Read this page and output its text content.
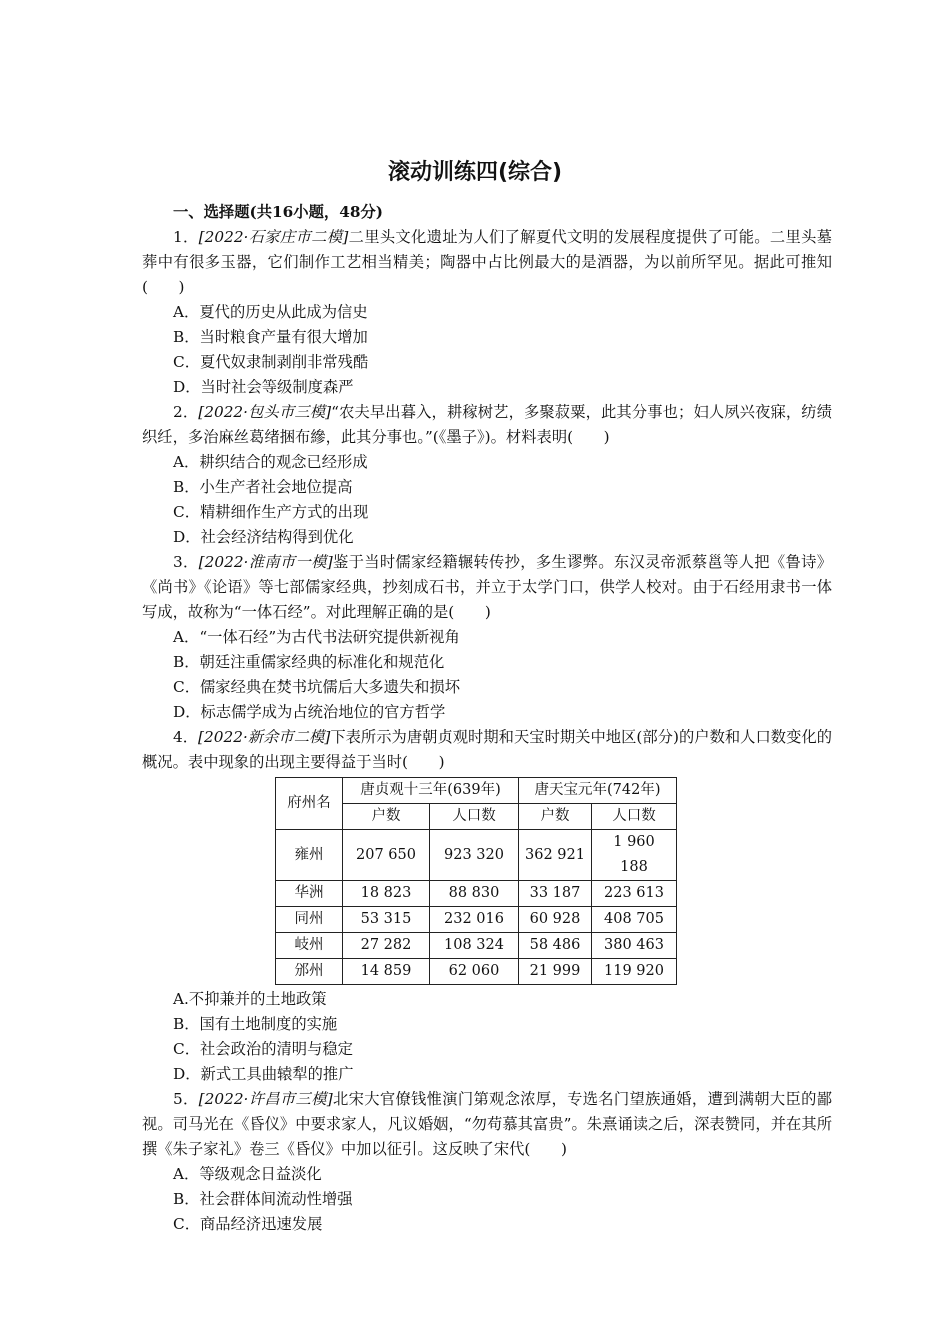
滚动训练四(综合)
一、选择题(共16小题，48分)
1．[2022·石家庄市二模]二里头文化遗址为人们了解夏代文明的发展程度提供了可能。二里头墓葬中有很多玉器，它们制作工艺相当精美；陶器中占比例最大的是酒器，为以前所罕见。据此可推知(　　)
A．夏代的历史从此成为信史
B．当时粮食产量有很大增加
C．夏代奴隶制剥削非常残酷
D．当时社会等级制度森严
2．[2022·包头市三模]“农夫早出暮入，耕稼树艺，多聚菽粟，此其分事也；妇人夙兴夜寐，纺绩织纴，多治麻丝葛绪捆布縿，此其分事也。”(《墨子》)。材料表明(　　)
A．耕织结合的观念已经形成
B．小生产者社会地位提高
C．精耕细作生产方式的出现
D．社会经济结构得到优化
3．[2022·淮南市一模]鉴于当时儒家经籍辗转传抄，多生谬弊。东汉灵帝派蔡邕等人把《鲁诗》《尚书》《论语》等七部儒家经典，抄刻成石书，并立于太学门口，供学人校对。由于石经用隶书一体写成，故称为“一体石经”。对此理解正确的是(　　)
A．“一体石经”为古代书法研究提供新视角
B．朝廷注重儒家经典的标准化和规范化
C．儒家经典在焚书坑儒后大多遗失和损坏
D．标志儒学成为占统治地位的官方哲学
4．[2022·新余市二模]下表所示为唐朝贞观时期和天宝时期关中地区(部分)的户数和人口数变化的概况。表中现象的出现主要得益于当时(　　)
府州名	唐贞观十三年(639年)		唐天宝元年(742年)	
	户数	人口数	户数	人口数
雍州	207 650	923 320	362 921	1 960 188
华洲	18 823	88 830	33 187	223 613
同州	53 315	232 016	60 928	408 705
岐州	27 282	108 324	58 486	380 463
邠州	14 859	62 060	21 999	119 920
A.不抑兼并的土地政策
B．国有土地制度的实施
C．社会政治的清明与稳定
D．新式工具曲辕犁的推广
5．[2022·许昌市三模]北宋大官僚钱惟演门第观念浓厚，专选名门望族通婚，遭到满朝大臣的鄙视。司马光在《昏仪》中要求家人，凡议婚姻，“勿苟慕其富贵”。朱熹诵读之后，深表赞同，并在其所撰《朱子家礼》卷三《昏仪》中加以征引。这反映了宋代(　　)
A．等级观念日益淡化
B．社会群体间流动性增强
C．商品经济迅速发展
